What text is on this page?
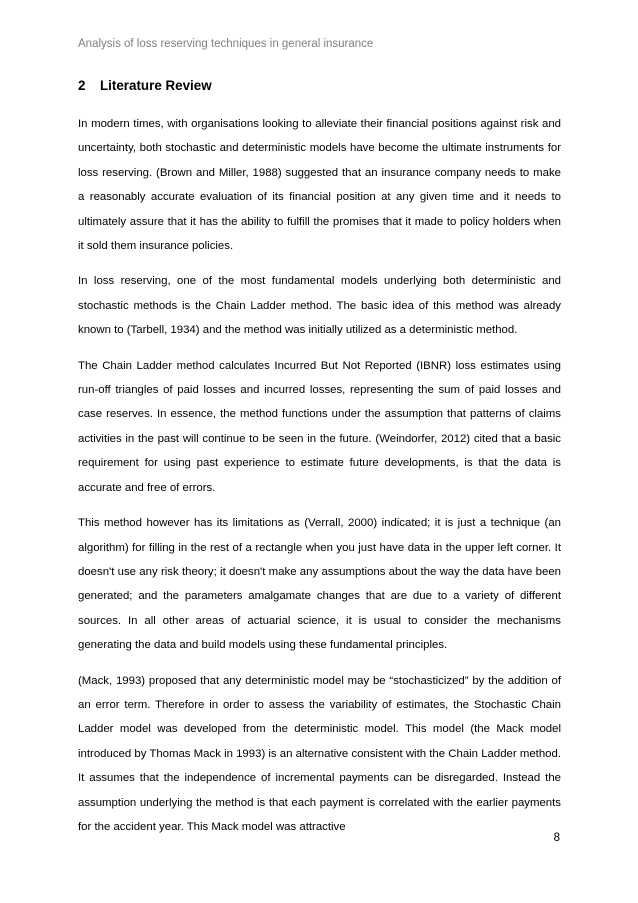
Analysis of loss reserving techniques in general insurance
2 Literature Review

In modern times, with organisations looking to alleviate their financial positions against risk and uncertainty, both stochastic and deterministic models have become the ultimate instruments for loss reserving. (Brown and Miller, 1988) suggested that an insurance company needs to make a reasonably accurate evaluation of its financial position at any given time and it needs to ultimately assure that it has the ability to fulfill the promises that it made to policy holders when it sold them insurance policies.

In loss reserving, one of the most fundamental models underlying both deterministic and stochastic methods is the Chain Ladder method. The basic idea of this method was already known to (Tarbell, 1934) and the method was initially utilized as a deterministic method.

The Chain Ladder method calculates Incurred But Not Reported (IBNR) loss estimates using run-off triangles of paid losses and incurred losses, representing the sum of paid losses and case reserves. In essence, the method functions under the assumption that patterns of claims activities in the past will continue to be seen in the future. (Weindorfer, 2012) cited that a basic requirement for using past experience to estimate future developments, is that the data is accurate and free of errors.

This method however has its limitations as (Verrall, 2000) indicated; it is just a technique (an algorithm) for filling in the rest of a rectangle when you just have data in the upper left corner. It doesn't use any risk theory; it doesn't make any assumptions about the way the data have been generated; and the parameters amalgamate changes that are due to a variety of different sources. In all other areas of actuarial science, it is usual to consider the mechanisms generating the data and build models using these fundamental principles.

(Mack, 1993) proposed that any deterministic model may be “stochasticized” by the addition of an error term. Therefore in order to assess the variability of estimates, the Stochastic Chain Ladder model was developed from the deterministic model. This model (the Mack model introduced by Thomas Mack in 1993) is an alternative consistent with the Chain Ladder method. It assumes that the independence of incremental payments can be disregarded. Instead the assumption underlying the method is that each payment is correlated with the earlier payments for the accident year. This Mack model was attractive

8
